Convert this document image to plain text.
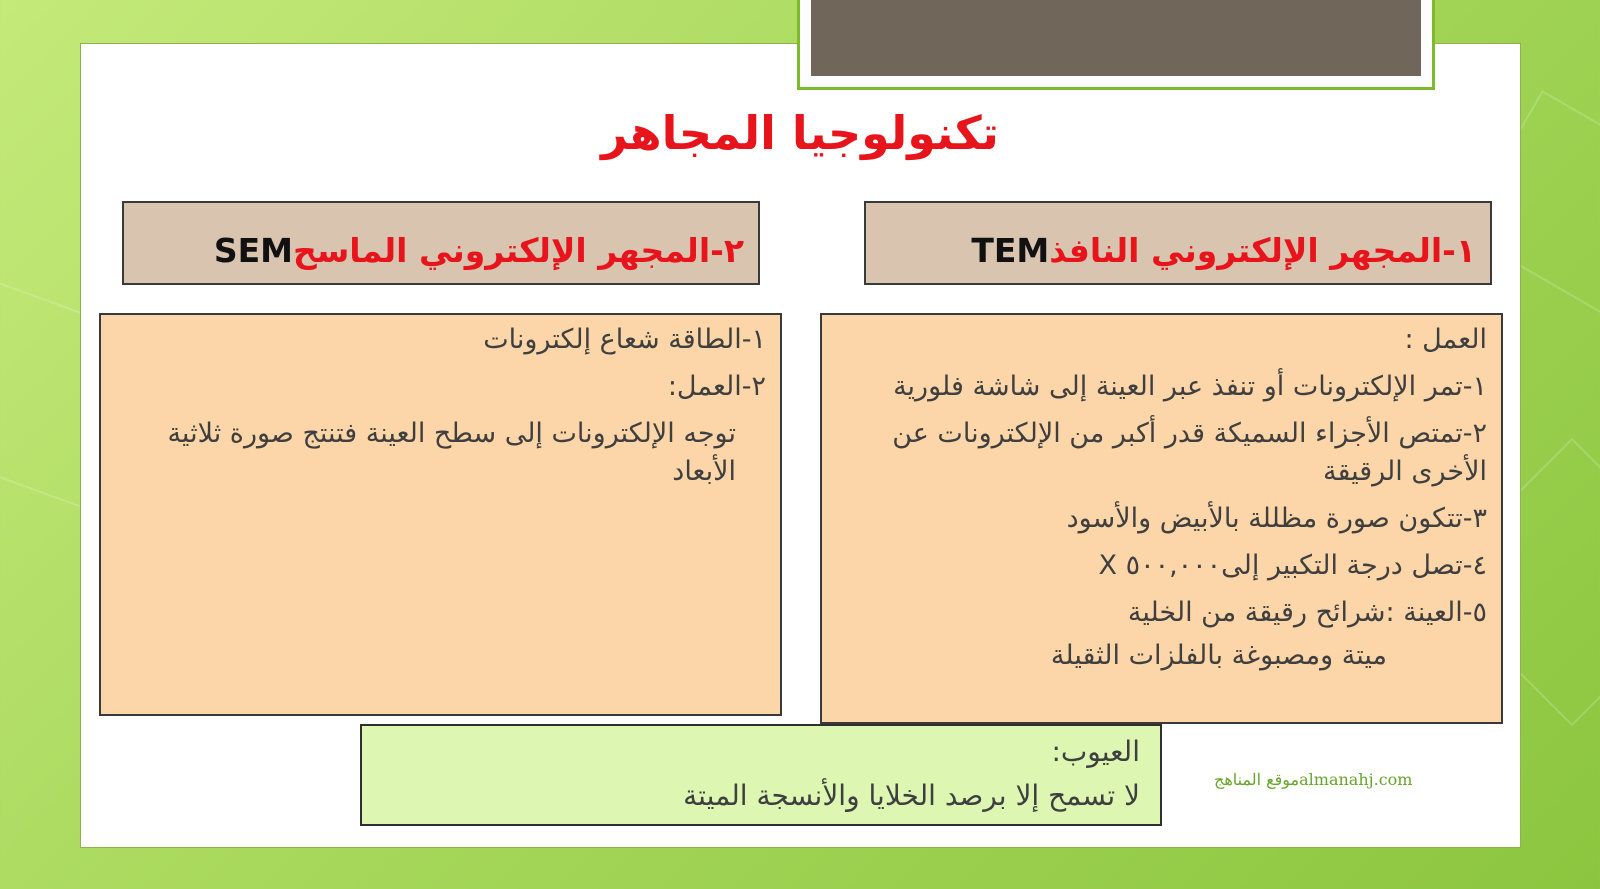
تكنولوجيا المجاهر
١-المجهر الإلكتروني النافذTEM
٢-المجهر الإلكتروني الماسحSEM

العمل :

١-تمر الإلكترونات أو تنفذ عبر العينة إلى شاشة فلورية

٢-تمتص الأجزاء السميكة قدر أكبر من الإلكترونات عن الأخرى الرقيقة

٣-تتكون صورة مظللة بالأبيض والأسود

٤-تصل درجة التكبير إلى٥٠٠,٠٠٠ X

٥-العينة :شرائح رقيقة من الخلية

ميتة ومصبوغة بالفلزات الثقيلة

١-الطاقة شعاع إلكترونات

٢-العمل:

توجه الإلكترونات إلى سطح العينة فتنتج صورة ثلاثية الأبعاد

العيوب:

لا تسمح إلا برصد الخلايا والأنسجة الميتة	موقع المناهجalmanahj.com
